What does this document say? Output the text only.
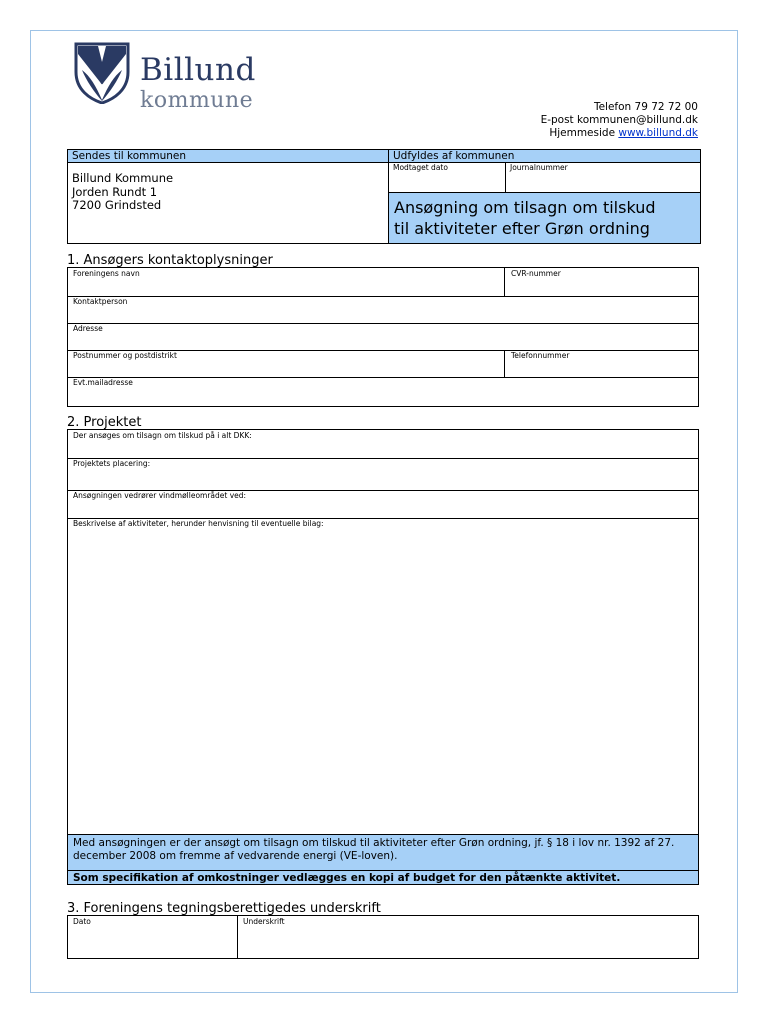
Billund
kommune	Telefon 79 72 72 00
E-post kommunen@billund.dk
Hjemmeside www.billund.dk
Sendes til kommunen
Billund Kommune
Jorden Rundt 1
7200 Grindsted
Udfyldes af kommunen
Modtaget dato	Journalnummer
Ansøgning om tilsagn om tilskud
til aktiviteter efter Grøn ordning
1. Ansøgers kontaktoplysninger
Foreningens navn	CVR-nummer
Kontaktperson
Adresse
Postnummer og postdistrikt	Telefonnummer
Evt.mailadresse
2. Projektet
Der ansøges om tilsagn om tilskud på i alt DKK:
Projektets placering:
Ansøgningen vedrører vindmølleområdet ved:
Beskrivelse af aktiviteter, herunder henvisning til eventuelle bilag:
Med ansøgningen er der ansøgt om tilsagn om tilskud til aktiviteter efter Grøn ordning, jf. § 18 i lov nr. 1392 af 27. december 2008 om fremme af vedvarende energi (VE-loven).
Som specifikation af omkostninger vedlægges en kopi af budget for den påtænkte aktivitet.
3. Foreningens tegningsberettigedes underskrift
Dato	Underskrift
